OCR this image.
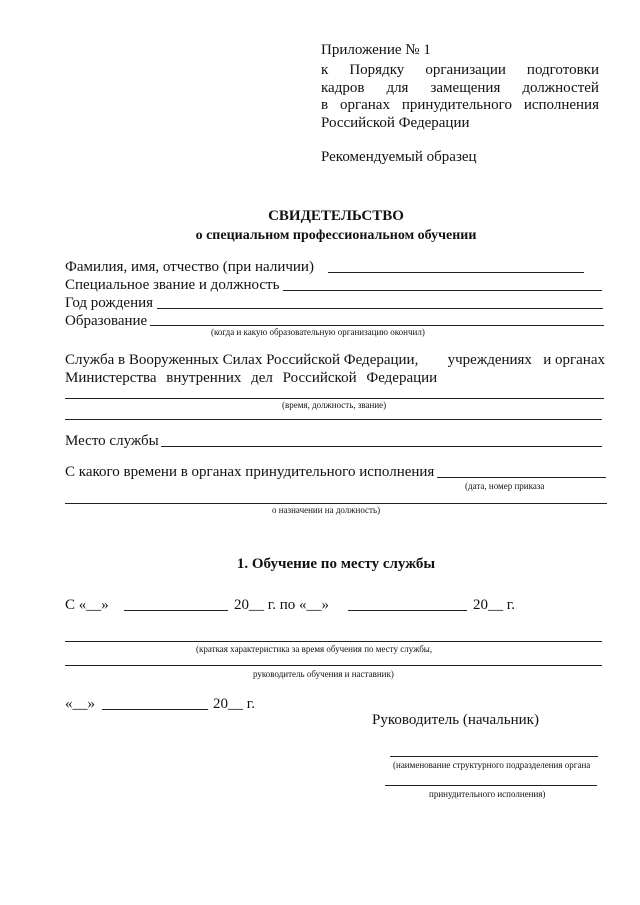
Приложение № 1
к Порядку организации подготовки
кадров для замещения должностей
в органах принудительного исполнения
Российской Федерации
Рекомендуемый образец
СВИДЕТЕЛЬСТВО
о специальном профессиональном обучении
Фамилия, имя, отчество (при наличии)
Специальное звание и должность
Год рождения
Образование
(когда и какую образовательную организацию окончил)
Служба в Вооруженных Силах Российской Федерации, учреждениях и органах
Министерства внутренних дел Российской Федерации
(время, должность, звание)
Место службы
С какого времени в органах принудительного исполнения
(дата, номер приказа
о назначении на должность)
1. Обучение по месту службы
С «__»	20__ г. по «__»	20__ г.
(краткая характеристика за время обучения по месту службы,
руководитель обучения и наставник)
«__»	20__ г.
Руководитель (начальник)
(наименование структурного подразделения органа
принудительного исполнения)
